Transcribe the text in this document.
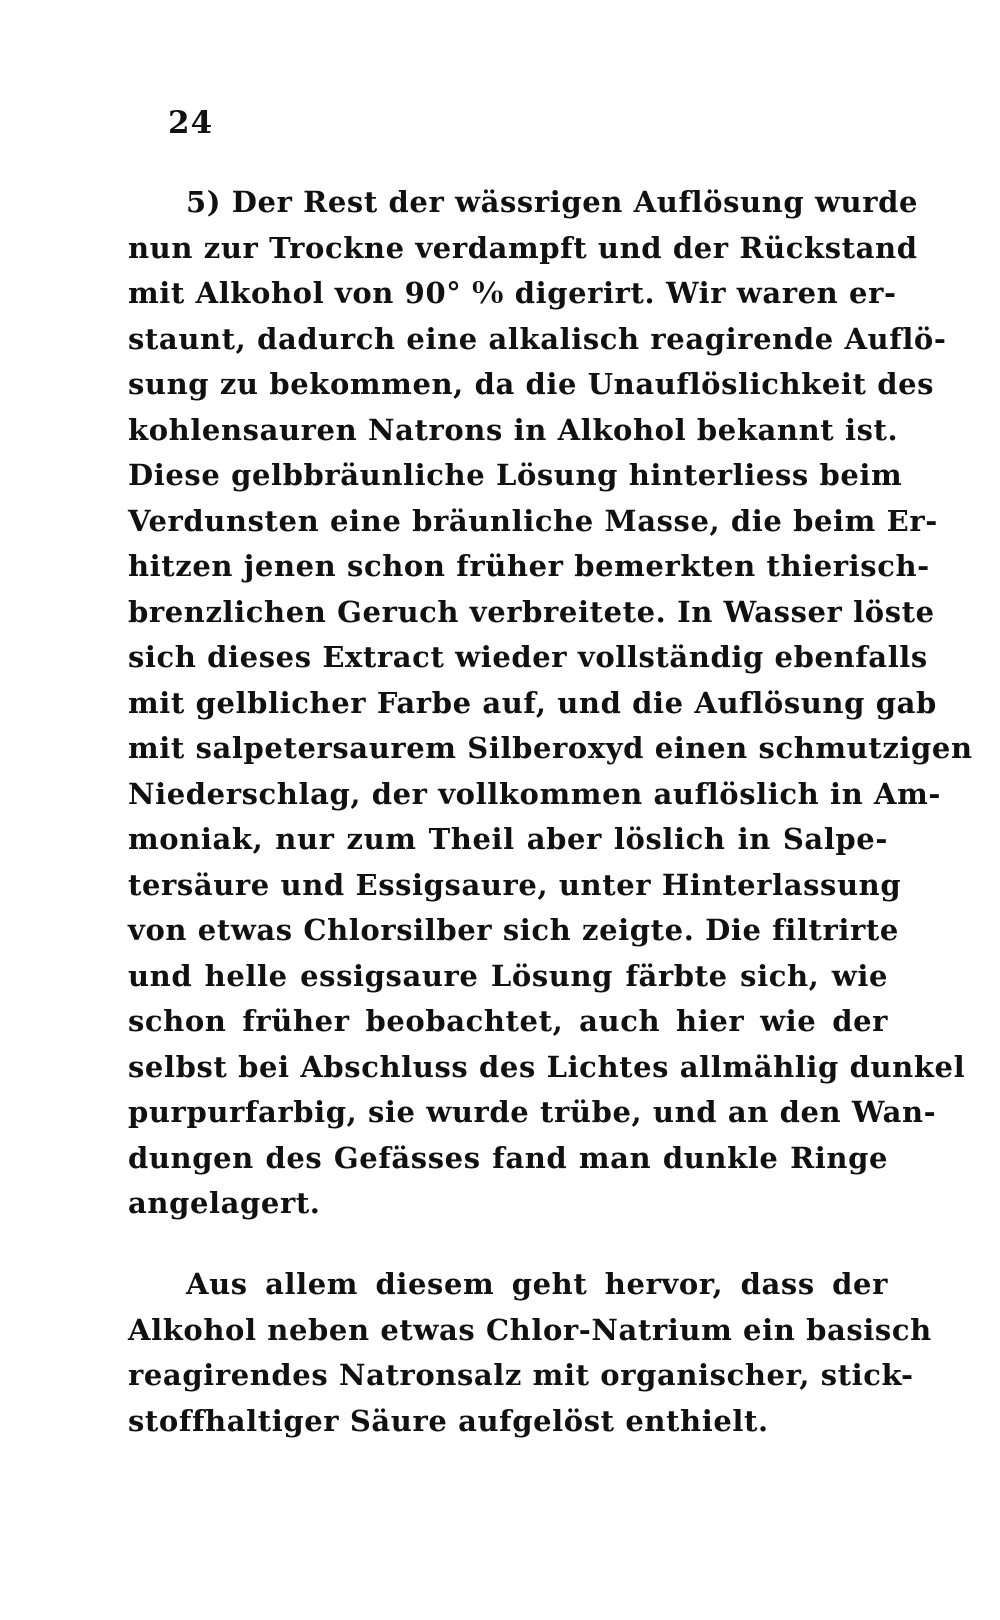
24
5) Der Rest der wässrigen Auflösung wurde
nun zur Trockne verdampft und der Rückstand
mit Alkohol von 90° ⁰⁄₀ digerirt. Wir waren er-
staunt, dadurch eine alkalisch reagirende Auflö-
sung zu bekommen, da die Unauflöslichkeit des
kohlensauren Natrons in Alkohol bekannt ist.
Diese gelbbräunliche Lösung hinterliess beim
Verdunsten eine bräunliche Masse, die beim Er-
hitzen jenen schon früher bemerkten thierisch-
brenzlichen Geruch verbreitete. In Wasser löste
sich dieses Extract wieder vollständig ebenfalls
mit gelblicher Farbe auf, und die Auflösung gab
mit salpetersaurem Silberoxyd einen schmutzigen
Niederschlag, der vollkommen auflöslich in Am-
moniak, nur zum Theil aber löslich in Salpe-
tersäure und Essigsaure, unter Hinterlassung
von etwas Chlorsilber sich zeigte. Die filtrirte
und helle essigsaure Lösung färbte sich, wie
schon früher beobachtet, auch hier wie der
selbst bei Abschluss des Lichtes allmählig dunkel
purpurfarbig, sie wurde trübe, und an den Wan-
dungen des Gefässes fand man dunkle Ringe
angelagert.
Aus allem diesem geht hervor, dass der
Alkohol neben etwas Chlor-Natrium ein basisch
reagirendes Natronsalz mit organischer, stick-
stoffhaltiger Säure aufgelöst enthielt.
